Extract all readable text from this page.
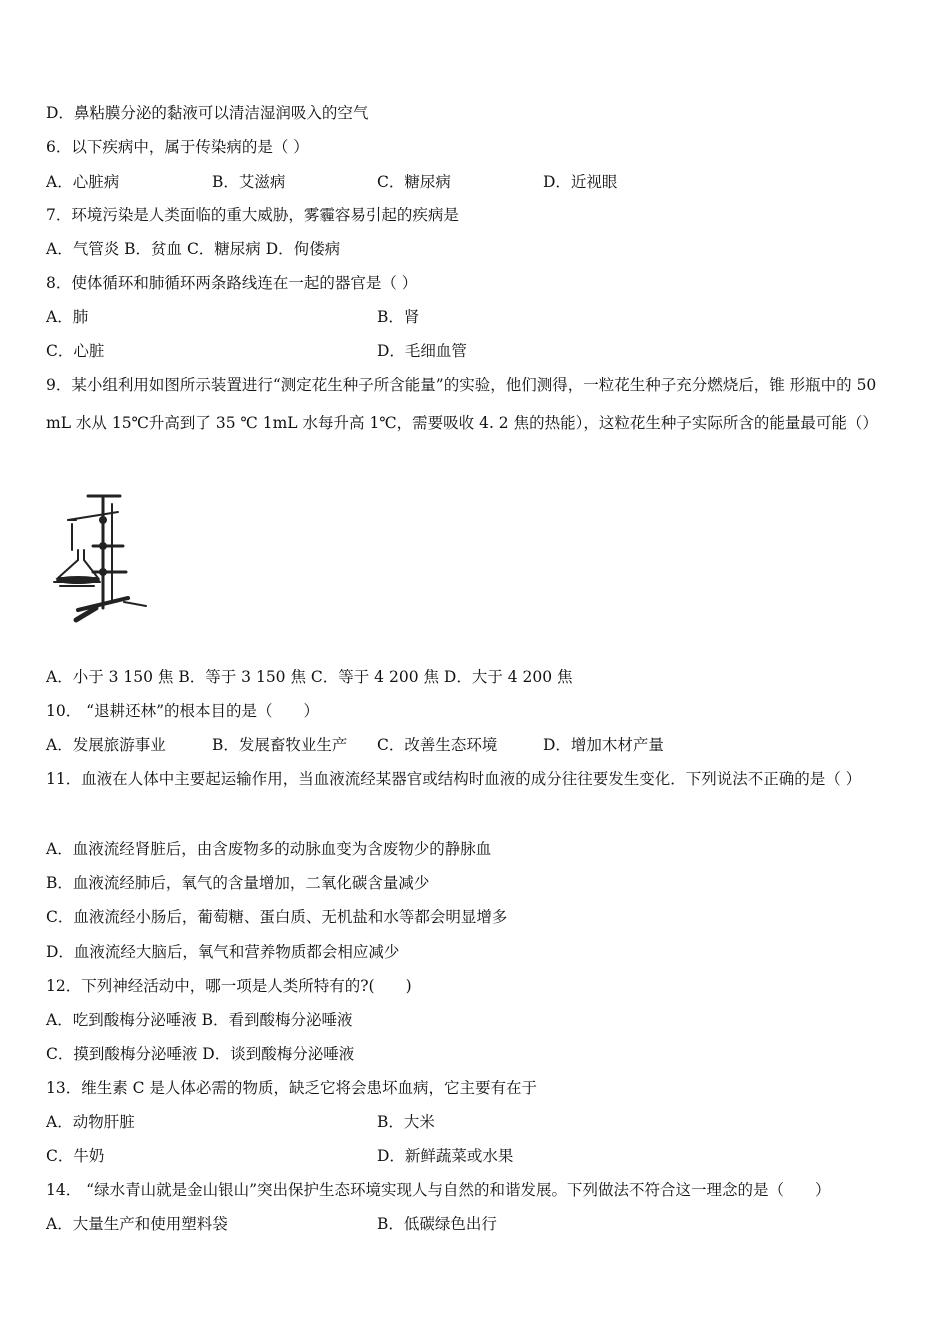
D．鼻粘膜分泌的黏液可以清洁湿润吸入的空气
6．以下疾病中，属于传染病的是（ ）
A．心脏病	B．艾滋病	C．糖尿病	D．近视眼
7．环境污染是人类面临的重大威胁，雾霾容易引起的疾病是
A．气管炎 B．贫血 C．糖尿病 D．佝偻病
8．使体循环和肺循环两条路线连在一起的器官是（ ）
A．肺	B．肾
C．心脏	D．毛细血管
9．某小组利用如图所示装置进行“测定花生种子所含能量”的实验，他们测得，一粒花生种子充分燃烧后，锥 形瓶中的 50 mL 水从 15℃升高到了 35 ℃ 1mL 水每升高 1℃，需要吸收 4. 2 焦的热能），这粒花生种子实际所含的能量最可能（）
A．小于 3 150 焦 B．等于 3 150 焦 C．等于 4 200 焦 D．大于 4 200 焦
10． “退耕还林”的根本目的是（　　）
A．发展旅游事业	B．发展畜牧业生产 C．改善生态环境	D．增加木材产量
11．血液在人体中主要起运输作用，当血液流经某器官或结构时血液的成分往往要发生变化．下列说法不正确的是（ ）
A．血液流经肾脏后，由含废物多的动脉血变为含废物少的静脉血
B．血液流经肺后，氧气的含量增加，二氧化碳含量减少
C．血液流经小肠后，葡萄糖、蛋白质、无机盐和水等都会明显增多
D．血液流经大脑后，氧气和营养物质都会相应减少
12．下列神经活动中，哪一项是人类所特有的?(　　)
A．吃到酸梅分泌唾液 B．看到酸梅分泌唾液
C．摸到酸梅分泌唾液 D．谈到酸梅分泌唾液
13．维生素 C 是人体必需的物质，缺乏它将会患坏血病，它主要有在于
A．动物肝脏	B．大米
C．牛奶	D．新鲜蔬菜或水果
14． “绿水青山就是金山银山”突出保护生态环境实现人与自然的和谐发展。下列做法不符合这一理念的是（　　）
A．大量生产和使用塑料袋	B．低碳绿色出行
